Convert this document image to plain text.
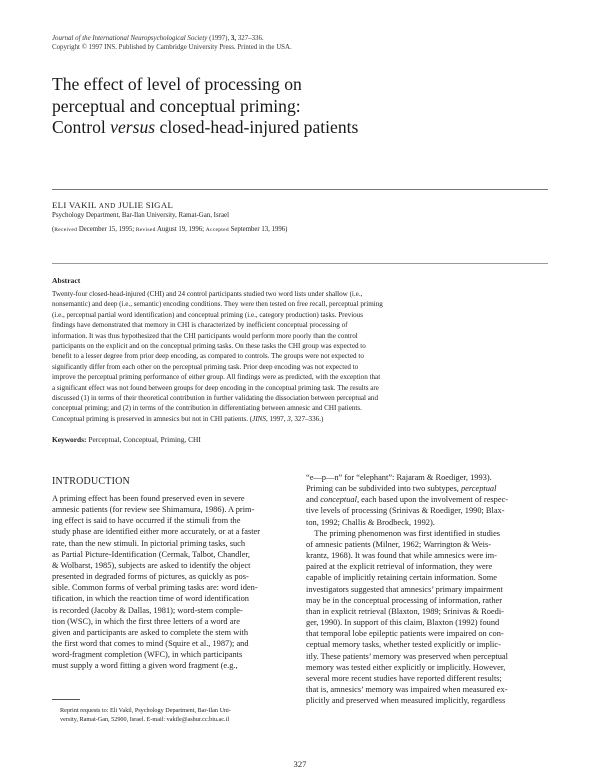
Journal of the International Neuropsychological Society (1997), 3, 327–336.
Copyright © 1997 INS. Published by Cambridge University Press. Printed in the USA.
The effect of level of processing on
perceptual and conceptual priming:
Control versus closed-head-injured patients
ELI VAKIL AND JULIE SIGAL
Psychology Department, Bar-Ilan University, Ramat-Gan, Israel
(Received December 15, 1995; Revised August 19, 1996; Accepted September 13, 1996)
Abstract
Twenty-four closed-head-injured (CHI) and 24 control participants studied two word lists under shallow (i.e.,
nonsemantic) and deep (i.e., semantic) encoding conditions. They were then tested on free recall, perceptual priming
(i.e., perceptual partial word identification) and conceptual priming (i.e., category production) tasks. Previous
findings have demonstrated that memory in CHI is characterized by inefficient conceptual processing of
information. It was thus hypothesized that the CHI participants would perform more poorly than the control
participants on the explicit and on the conceptual priming tasks. On these tasks the CHI group was expected to
benefit to a lesser degree from prior deep encoding, as compared to controls. The groups were not expected to
significantly differ from each other on the perceptual priming task. Prior deep encoding was not expected to
improve the perceptual priming performance of either group. All findings were as predicted, with the exception that
a significant effect was not found between groups for deep encoding in the conceptual priming task. The results are
discussed (1) in terms of their theoretical contribution in further validating the dissociation between perceptual and
conceptual priming; and (2) in terms of the contribution in differentiating between amnesic and CHI patients.
Conceptual priming is preserved in amnesics but not in CHI patients. (JINS, 1997, 3, 327–336.)
Keywords: Perceptual, Conceptual, Priming, CHI
INTRODUCTION
A priming effect has been found preserved even in severe
amnesic patients (for review see Shimamura, 1986). A prim-
ing effect is said to have occurred if the stimuli from the
study phase are identified either more accurately, or at a faster
rate, than the new stimuli. In pictorial priming tasks, such
as Partial Picture-Identification (Cermak, Talbot, Chandler,
& Wolbarst, 1985), subjects are asked to identify the object
presented in degraded forms of pictures, as quickly as pos-
sible. Common forms of verbal priming tasks are: word iden-
tification, in which the reaction time of word identification
is recorded (Jacoby & Dallas, 1981); word-stem comple-
tion (WSC), in which the first three letters of a word are
given and participants are asked to complete the stem with
the first word that comes to mind (Squire et al., 1987); and
word-fragment completion (WFC), in which participants
must supply a word fitting a given word fragment (e.g.,
“e—p—n” for “elephant”: Rajaram & Roediger, 1993).
Priming can be subdivided into two subtypes, perceptual
and conceptual, each based upon the involvement of respec-
tive levels of processing (Srinivas & Roediger, 1990; Blax-
ton, 1992; Challis & Brodbeck, 1992).
The priming phenomenon was first identified in studies
of amnesic patients (Milner, 1962; Warrington & Weis-
krantz, 1968). It was found that while amnesics were im-
paired at the explicit retrieval of information, they were
capable of implicitly retaining certain information. Some
investigators suggested that amnesics’ primary impairment
may be in the conceptual processing of information, rather
than in explicit retrieval (Blaxton, 1989; Srinivas & Roedi-
ger, 1990). In support of this claim, Blaxton (1992) found
that temporal lobe epileptic patients were impaired on con-
ceptual memory tasks, whether tested explicitly or implic-
itly. These patients’ memory was preserved when perceptual
memory was tested either explicitly or implicitly. However,
several more recent studies have reported different results;
that is, amnesics’ memory was impaired when measured ex-
plicitly and preserved when measured implicitly, regardless
Reprint requests to: Eli Vakil, Psychology Department, Bar-Ilan Uni-
versity, Ramat-Gan, 52900, Israel. E-mail: vakile@ashur.cc.biu.ac.il
327
